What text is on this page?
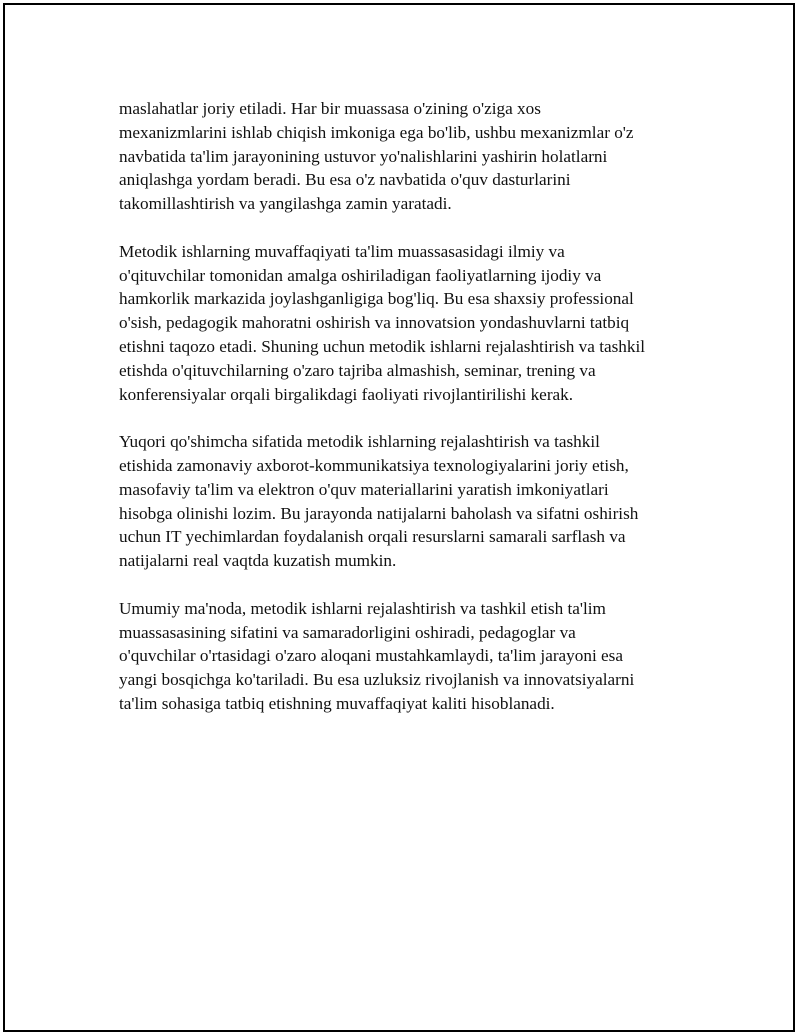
maslahatlar joriy etiladi. Har bir muassasa o'zining o'ziga xos
mexanizmlarini ishlab chiqish imkoniga ega bo'lib, ushbu mexanizmlar o'z
navbatida ta'lim jarayonining ustuvor yo'nalishlarini yashirin holatlarni
aniqlashga yordam beradi. Bu esa o'z navbatida o'quv dasturlarini
takomillashtirish va yangilashga zamin yaratadi.

Metodik ishlarning muvaffaqiyati ta'lim muassasasidagi ilmiy va
o'qituvchilar tomonidan amalga oshiriladigan faoliyatlarning ijodiy va
hamkorlik markazida joylashganligiga bog'liq. Bu esa shaxsiy professional
o'sish, pedagogik mahoratni oshirish va innovatsion yondashuvlarni tatbiq
etishni taqozo etadi. Shuning uchun metodik ishlarni rejalashtirish va tashkil
etishda o'qituvchilarning o'zaro tajriba almashish, seminar, trening va
konferensiyalar orqali birgalikdagi faoliyati rivojlantirilishi kerak.

Yuqori qo'shimcha sifatida metodik ishlarning rejalashtirish va tashkil
etishida zamonaviy axborot-kommunikatsiya texnologiyalarini joriy etish,
masofaviy ta'lim va elektron o'quv materiallarini yaratish imkoniyatlari
hisobga olinishi lozim. Bu jarayonda natijalarni baholash va sifatni oshirish
uchun IT yechimlardan foydalanish orqali resurslarni samarali sarflash va
natijalarni real vaqtda kuzatish mumkin.

Umumiy ma'noda, metodik ishlarni rejalashtirish va tashkil etish ta'lim
muassasasining sifatini va samaradorligini oshiradi, pedagoglar va
o'quvchilar o'rtasidagi o'zaro aloqani mustahkamlaydi, ta'lim jarayoni esa
yangi bosqichga ko'tariladi. Bu esa uzluksiz rivojlanish va innovatsiyalarni
ta'lim sohasiga tatbiq etishning muvaffaqiyat kaliti hisoblanadi.
